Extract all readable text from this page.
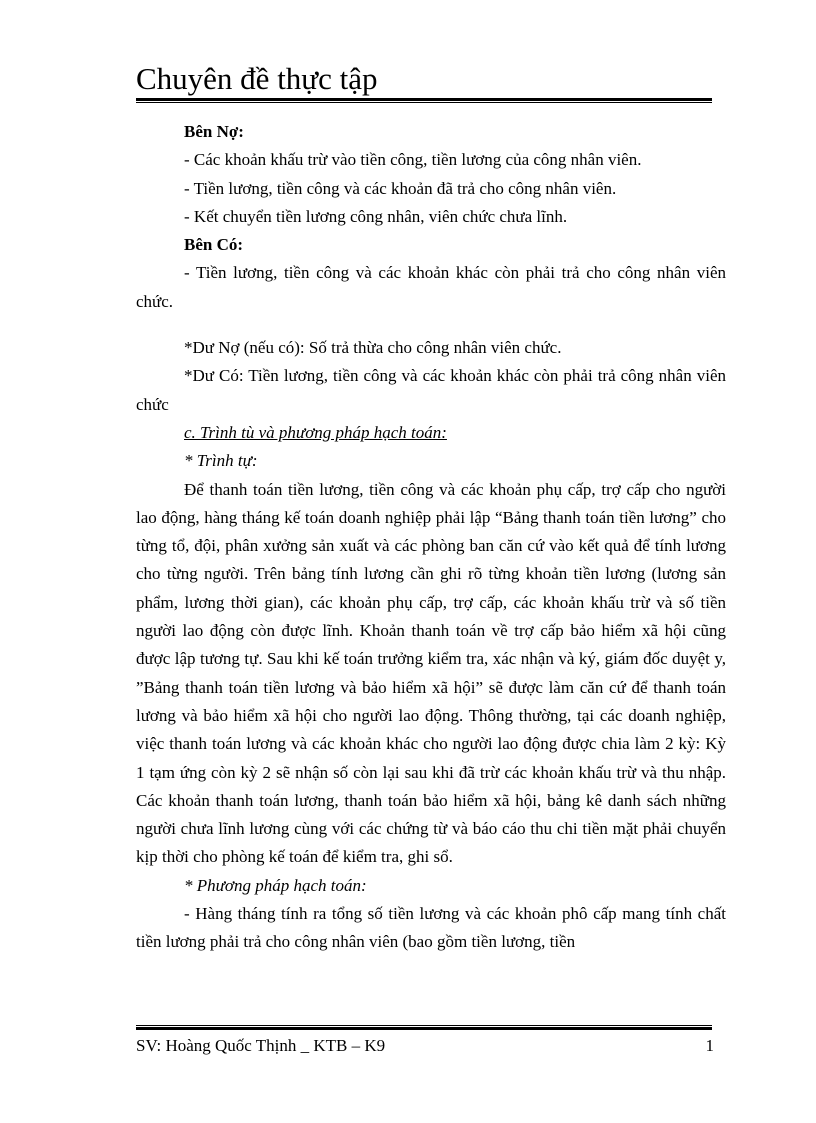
Chuyên đề thực tập

Bên Nợ:

- Các khoản khấu trừ vào tiền công, tiền lương của công nhân viên.

- Tiền lương, tiền công và các khoản đã trả cho công nhân viên.

- Kết chuyển tiền lương công nhân, viên chức chưa lĩnh.

Bên Có:

- Tiền lương, tiền công và các khoản khác còn phải trả cho công nhân viên chức.

*Dư Nợ (nếu có): Số trả thừa cho công nhân viên chức.

*Dư Có: Tiền lương, tiền công và các khoản khác còn phải trả công nhân viên chức

c. Trình tù và phương pháp hạch toán:

* Trình tự:

Để thanh toán tiền lương, tiền công và các khoản phụ cấp, trợ cấp cho người lao động, hàng tháng kế toán doanh nghiệp phải lập “Bảng thanh toán tiền lương” cho từng tổ, đội, phân xưởng sản xuất và các phòng ban căn cứ vào kết quả để tính lương cho từng người. Trên bảng tính lương cần ghi rõ từng khoản tiền lương (lương sản phẩm, lương thời gian), các khoản phụ cấp, trợ cấp, các khoản khấu trừ và số tiền người lao động còn được lĩnh. Khoản thanh toán về trợ cấp bảo hiểm xã hội cũng được lập tương tự. Sau khi kế toán trưởng kiểm tra, xác nhận và ký, giám đốc duyệt y, ”Bảng thanh toán tiền lương và bảo hiểm xã hội” sẽ được làm căn cứ để thanh toán lương và bảo hiểm xã hội cho người lao động. Thông thường, tại các doanh nghiệp, việc thanh toán lương và các khoản khác cho người lao động được chia làm 2 kỳ: Kỳ 1 tạm ứng còn kỳ 2 sẽ nhận số còn lại sau khi đã trừ các khoản khấu trừ và thu nhập. Các khoản thanh toán lương, thanh toán bảo hiểm xã hội, bảng kê danh sách những người chưa lĩnh lương cùng với các chứng từ và báo cáo thu chi tiền mặt phải chuyển kịp thời cho phòng kế toán để kiểm tra, ghi sổ.

* Phương pháp hạch toán:

- Hàng tháng tính ra tổng số tiền lương và các khoản phô cấp mang tính chất tiền lương phải trả cho công nhân viên (bao gồm tiền lương, tiền

SV: Hoàng Quốc Thịnh _ KTB – K9	1
